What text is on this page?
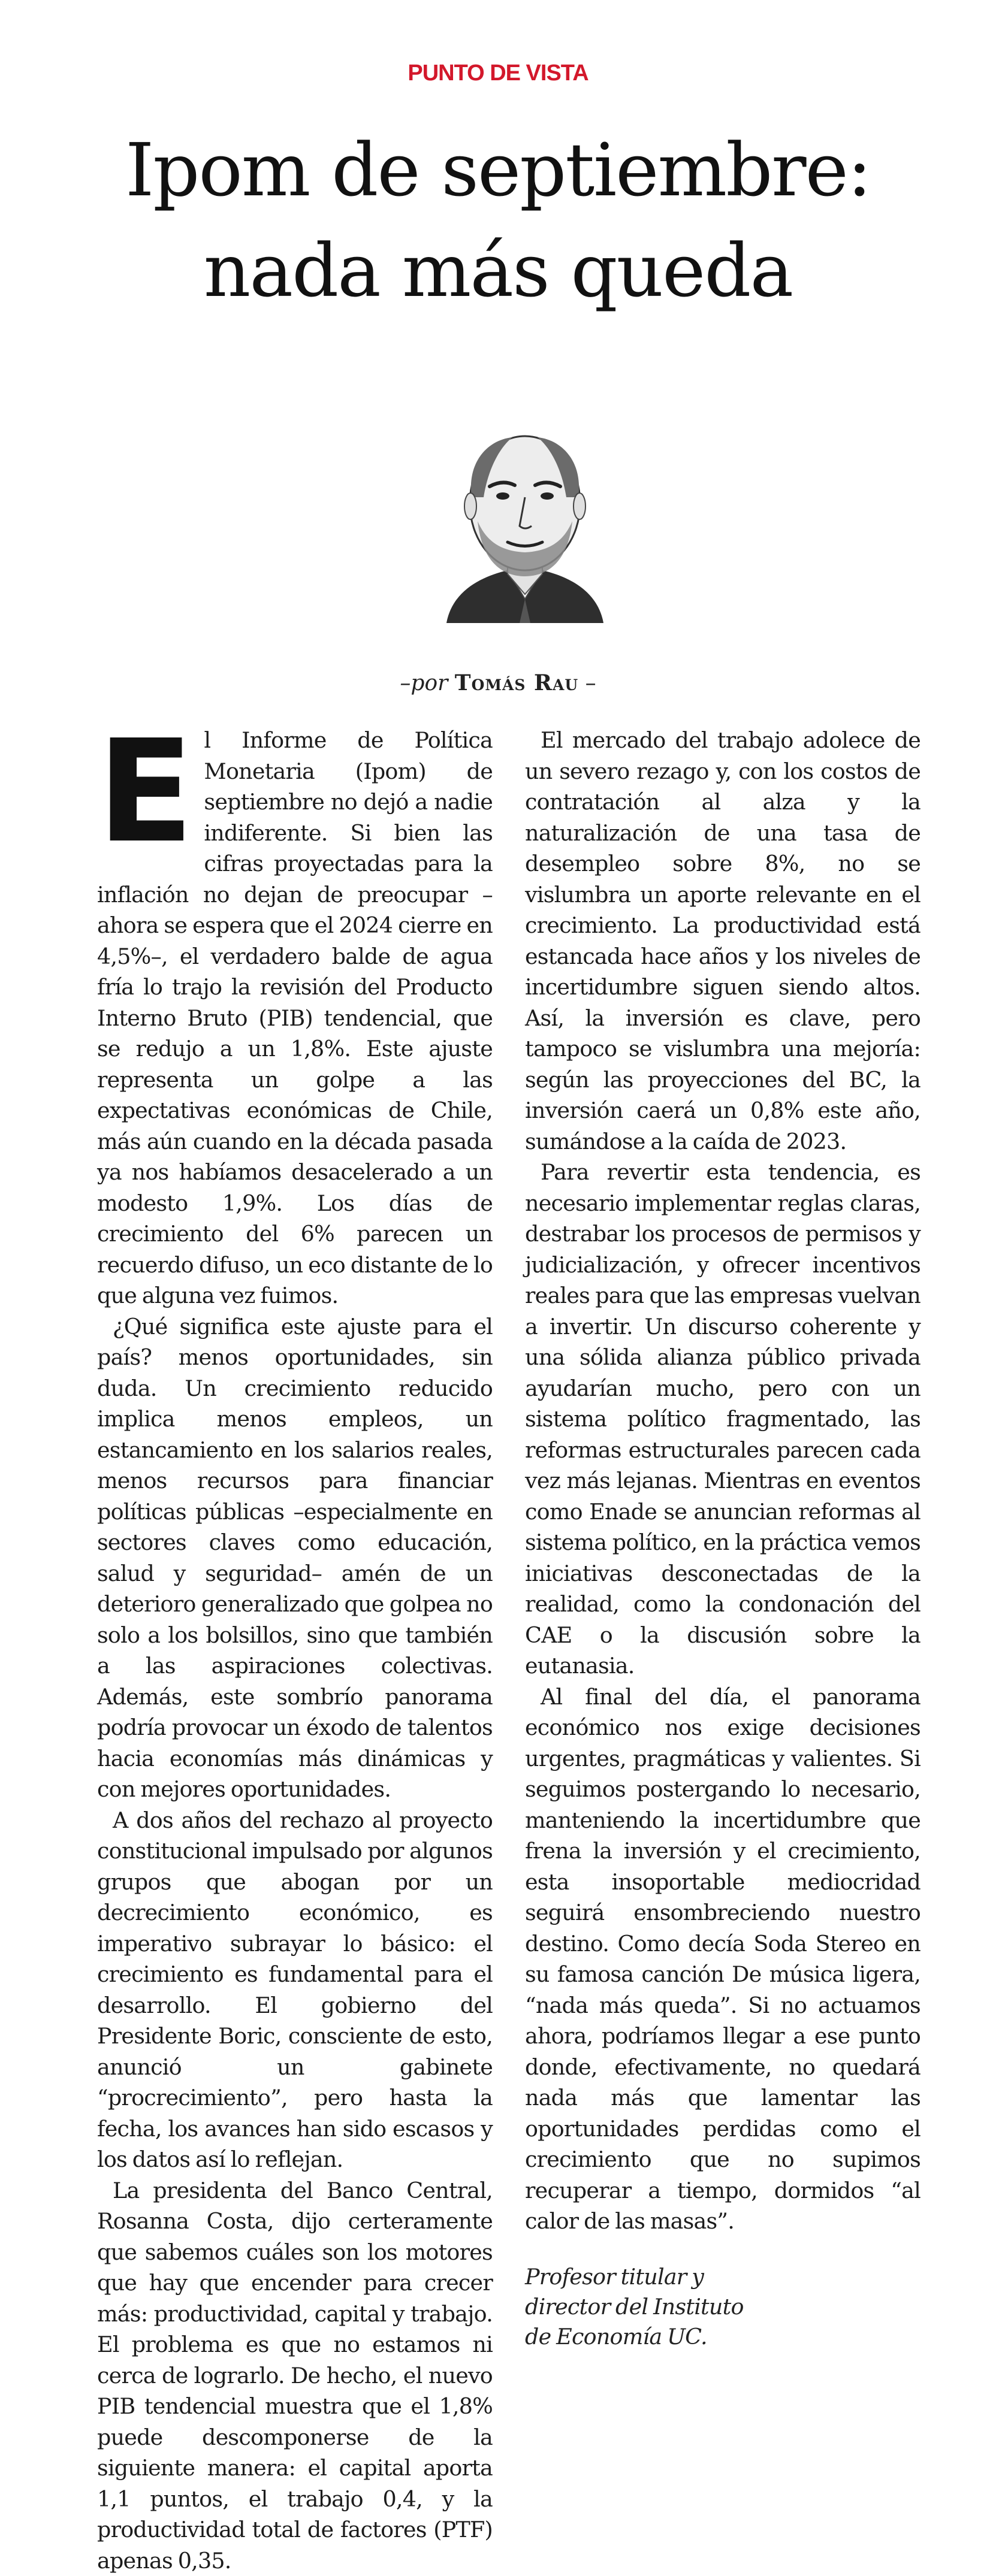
PUNTO DE VISTA
Ipom de septiembre:
nada más queda
–por Tomás Rau –

El Informe de Política Monetaria (Ipom) de septiembre no dejó a nadie indiferente. Si bien las cifras proyectadas para la inflación no dejan de preocupar –ahora se espera que el 2024 cierre en 4,5%–, el verdadero balde de agua fría lo trajo la revisión del Producto Interno Bruto (PIB) tendencial, que se redujo a un 1,8%. Este ajuste representa un golpe a las expectativas económicas de Chile, más aún cuando en la década pasada ya nos habíamos desacelerado a un modesto 1,9%. Los días de crecimiento del 6% parecen un recuerdo difuso, un eco distante de lo que alguna vez fuimos.

¿Qué significa este ajuste para el país? menos oportunidades, sin duda. Un crecimiento reducido implica menos empleos, un estancamiento en los salarios reales, menos recursos para financiar políticas públicas –especialmente en sectores claves como educación, salud y seguridad– amén de un deterioro generalizado que golpea no solo a los bolsillos, sino que también a las aspiraciones colectivas. Además, este sombrío panorama podría provocar un éxodo de talentos hacia economías más dinámicas y con mejores oportunidades.

A dos años del rechazo al proyecto constitucional impulsado por algunos grupos que abogan por un decrecimiento económico, es imperativo subrayar lo básico: el crecimiento es fundamental para el desarrollo. El gobierno del Presidente Boric, consciente de esto, anunció un gabinete “procrecimiento”, pero hasta la fecha, los avances han sido escasos y los datos así lo reflejan.

La presidenta del Banco Central, Rosanna Costa, dijo certeramente que sabemos cuáles son los motores que hay que encender para crecer más: productividad, capital y trabajo. El problema es que no estamos ni cerca de lograrlo. De hecho, el nuevo PIB tendencial muestra que el 1,8% puede descomponerse de la siguiente manera: el capital aporta 1,1 puntos, el trabajo 0,4, y la productividad total de factores (PTF) apenas 0,35.

El mercado del trabajo adolece de un severo rezago y, con los costos de contratación al alza y la naturalización de una tasa de desempleo sobre 8%, no se vislumbra un aporte relevante en el crecimiento. La productividad está estancada hace años y los niveles de incertidumbre siguen siendo altos. Así, la inversión es clave, pero tampoco se vislumbra una mejoría: según las proyecciones del BC, la inversión caerá un 0,8% este año, sumándose a la caída de 2023.

Para revertir esta tendencia, es necesario implementar reglas claras, destrabar los procesos de permisos y judicialización, y ofrecer incentivos reales para que las empresas vuelvan a invertir. Un discurso coherente y una sólida alianza público privada ayudarían mucho, pero con un sistema político fragmentado, las reformas estructurales parecen cada vez más lejanas. Mientras en eventos como Enade se anuncian reformas al sistema político, en la práctica vemos iniciativas desconectadas de la realidad, como la condonación del CAE o la discusión sobre la eutanasia.

Al final del día, el panorama económico nos exige decisiones urgentes, pragmáticas y valientes. Si seguimos postergando lo necesario, manteniendo la incertidumbre que frena la inversión y el crecimiento, esta insoportable mediocridad seguirá ensombreciendo nuestro destino. Como decía Soda Stereo en su famosa canción De música ligera, “nada más queda”. Si no actuamos ahora, podríamos llegar a ese punto donde, efectivamente, no quedará nada más que lamentar las oportunidades perdidas como el crecimiento que no supimos recuperar a tiempo, dormidos “al calor de las masas”.

Profesor titular y
director del Instituto
de Economía UC.
